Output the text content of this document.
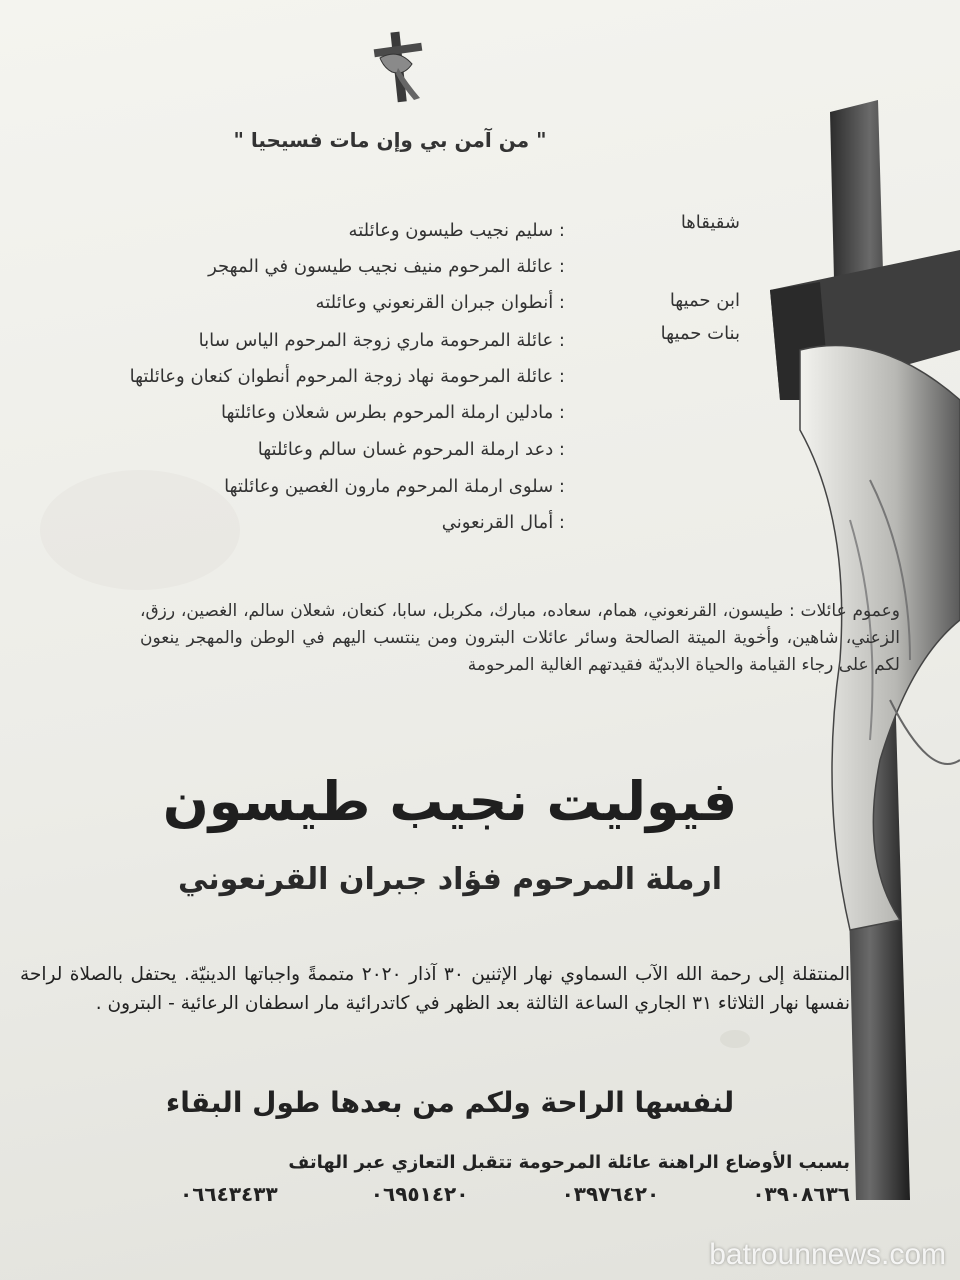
" من آمن بي وإن مات فسيحيا "
شقيقاها
ابن حميها
بنات حميها
: سليم نجيب طيسون وعائلته
: عائلة المرحوم منيف نجيب طيسون في المهجر
: أنطوان جبران القرنعوني وعائلته
: عائلة المرحومة ماري زوجة المرحوم الياس سابا
: عائلة المرحومة نهاد زوجة المرحوم أنطوان كنعان وعائلتها
: مادلين ارملة المرحوم بطرس شعلان وعائلتها
: دعد ارملة المرحوم غسان سالم وعائلتها
: سلوى ارملة المرحوم مارون الغصين وعائلتها
: أمال القرنعوني
وعموم عائلات : طيسون، القرنعوني، همام، سعاده، مبارك، مكربل، سابا، كنعان، شعلان سالم، الغصين، رزق، الزعني، شاهين، وأخوية الميتة الصالحة وسائر عائلات البترون ومن ينتسب اليهم في الوطن والمهجر ينعون لكم على رجاء القيامة والحياة الابديّة فقيدتهم الغالية المرحومة
فيوليت نجيب طيسون
ارملة المرحوم فؤاد جبران القرنعوني
المنتقلة إلى رحمة الله الآب السماوي نهار الإثنين ٣٠ آذار ٢٠٢٠ متممةً واجباتها الدينيّة. يحتفل بالصلاة لراحة نفسها نهار الثلاثاء ٣١ الجاري الساعة الثالثة بعد الظهر في كاتدرائية مار اسطفان الرعائية - البترون .
لنفسها الراحة ولكم من بعدها طول البقاء
بسبب الأوضاع الراهنة عائلة المرحومة تتقبل التعازي عبر الهاتف
٠٣٩٠٨٦٣٦
٠٣٩٧٦٤٢٠
٠٦٩٥١٤٢٠
٠٦٦٤٣٤٣٣
batrounnews.com
